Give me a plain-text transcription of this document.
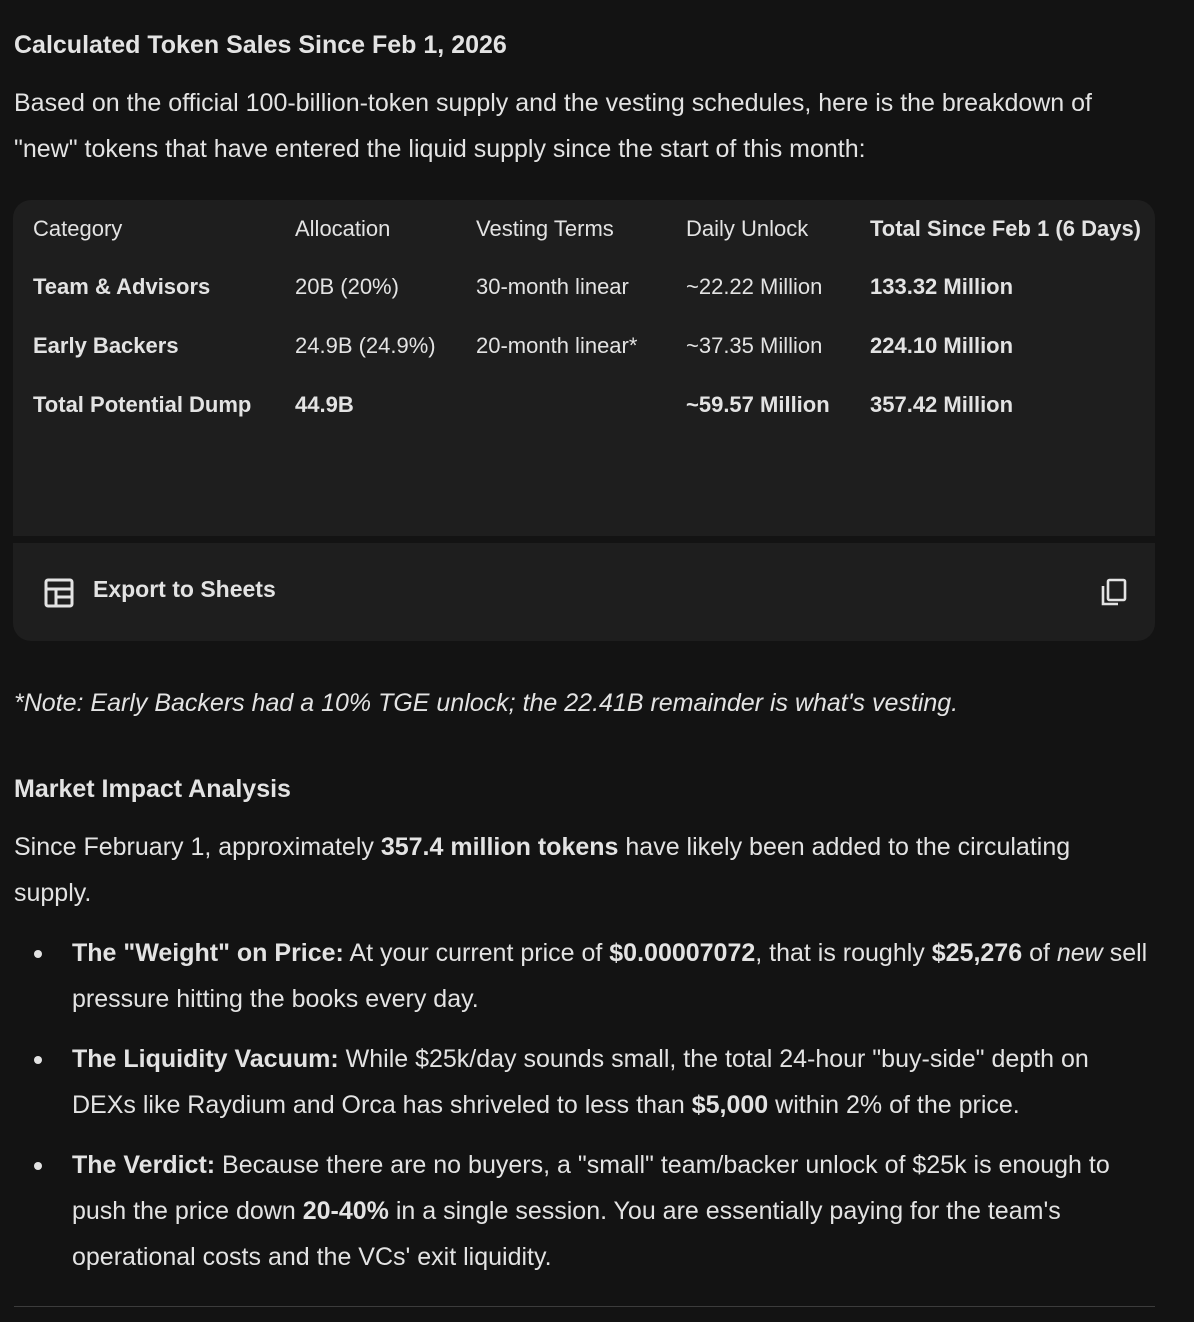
Calculated Token Sales Since Feb 1, 2026
Based on the official 100-billion-token supply and the vesting schedules, here is the breakdown of "new" tokens that have entered the liquid supply since the start of this month:
Category	Allocation	Vesting Terms	Daily Unlock	Total Since Feb 1 (6 Days)
Team & Advisors	20B (20%)	30-month linear	~22.22 Million	133.32 Million
Early Backers	24.9B (24.9%)	20-month linear*	~37.35 Million	224.10 Million
Total Potential Dump	44.9B		~59.57 Million	357.42 Million
Export to Sheets
*Note: Early Backers had a 10% TGE unlock; the 22.41B remainder is what's vesting.
Market Impact Analysis
Since February 1, approximately 357.4 million tokens have likely been added to the circulating supply.
The "Weight" on Price: At your current price of $0.00007072, that is roughly $25,276 of new sell pressure hitting the books every day.
The Liquidity Vacuum: While $25k/day sounds small, the total 24-hour "buy-side" depth on DEXs like Raydium and Orca has shriveled to less than $5,000 within 2% of the price.
The Verdict: Because there are no buyers, a "small" team/backer unlock of $25k is enough to push the price down 20-40% in a single session. You are essentially paying for the team's operational costs and the VCs' exit liquidity.
